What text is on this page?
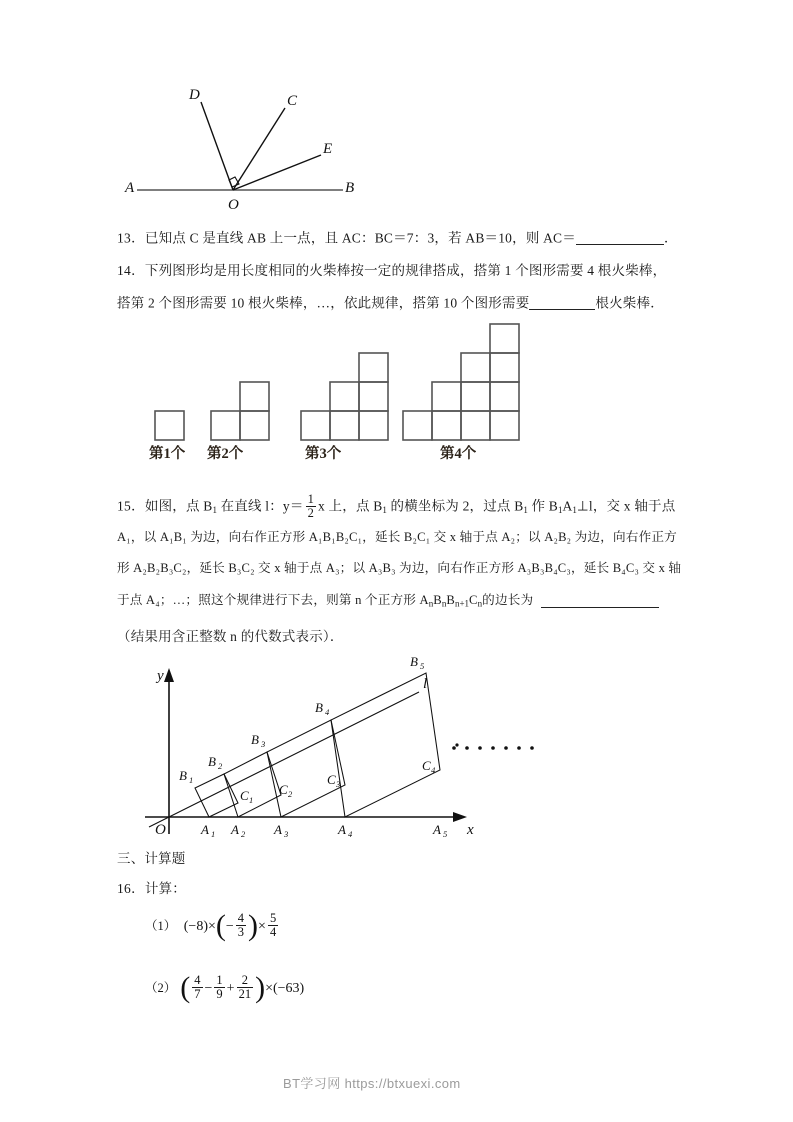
A	B
C
D
E
O
13．已知点 C 是直线 AB 上一点，且 AC：BC＝7：3，若 AB＝10，则 AC＝	．
14．下列图形均是用长度相同的火柴棒按一定的规律搭成，搭第 1 个图形需要 4 根火柴棒，
搭第 2 个图形需要 10 根火柴棒，…，依此规律，搭第 10 个图形需要	根火柴棒．
第1个 第2个	第3个	第4个
15．如图，点 $B_1$ 在直线 l：$y= \frac{1}{2}$ x 上，点 $B_1$ 的横坐标为 2，过点 $B_1$ 作 $B_1A_1\perp l$，交 x 轴于点
A₁，以 A₁B₁ 为边，向右作正方形 A₁B₁B₂C₁，延长 B₂C₁ 交 x 轴于点 A₂；以 A₂B₂ 为边，向右作正方
形 A₂B₂B₃C₂，延长 B₃C₂ 交 x 轴于点 A₃；以 A₃B₃ 为边，向右作正方形 A₃B₃B₄C₃，延长 B₄C₃ 交 x 轴
于点 A₄；…；照这个规律进行下去，则第 n 个正方形 $A_nB_nB_{n+1}C_n$的边长为
（结果用含正整数 n 的代数式表示）．
B 1
B 2
B 3
B 4
B 5
A 1 A 2 A 3	A 4	A 5
C 1
C 2
C 3
C 4
y
x
O
l
三、计算题
16．计算：
（1） $(-8)\times(- \frac{4}{3}$ )× $\frac{5}{4}$
（2） ( $\frac{4}{7} - \frac{1}{9} + \frac{2}{21} )\times(-63)$
BT学习网 https://btxuexi.com
